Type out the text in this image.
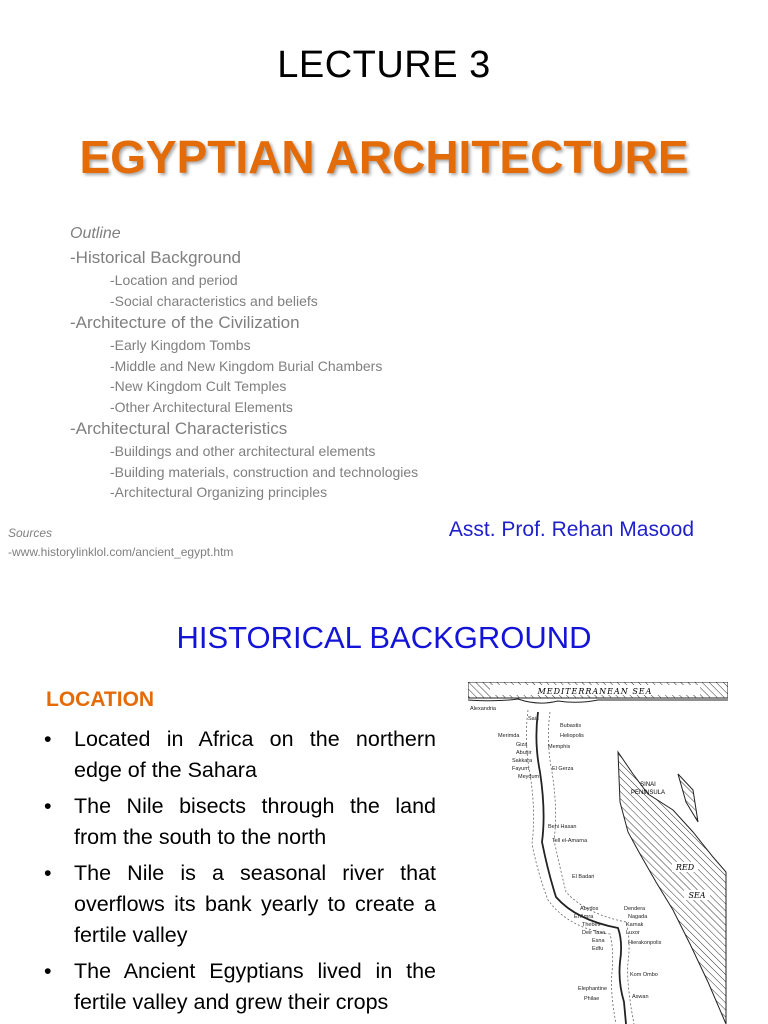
LECTURE 3
EGYPTIAN ARCHITECTURE
Outline
-Historical Background
-Location and period
-Social characteristics and beliefs
-Architecture of the Civilization
-Early Kingdom Tombs
-Middle and New Kingdom Burial Chambers
-New Kingdom Cult Temples
-Other Architectural Elements
-Architectural Characteristics
-Buildings and other architectural elements
-Building materials, construction and technologies
-Architectural Organizing principles
Sources
-www.historylinklol.com/ancient_egypt.htm
Asst. Prof. Rehan Masood
HISTORICAL BACKGROUND
LOCATION
• Located in Africa on the northern edge of the Sahara
• The Nile bisects through the land from the south to the north
• The Nile is a seasonal river that overflows its bank yearly to create a fertile valley
• The Ancient Egyptians lived in the fertile valley and grew their crops
MEDITERRANEAN SEA
RED
SEA
SINAI
PENINSULA
Alexandria
Sais
Bubastis
Heliopolis
Merimda
Giza	Memphis
Abusir
Sakkara
Fayum	El Gerza
Meydum
Beni Hasan
Tell el-Amarna
El Badari
Abydos	Dendera
El Amra	Nagada
Thebes	Karnak
Deir Tasa	Luxor
Esna	Hierakonpolis
Edfu
Kom Ombo
Elephantine
Aswan
Philae
